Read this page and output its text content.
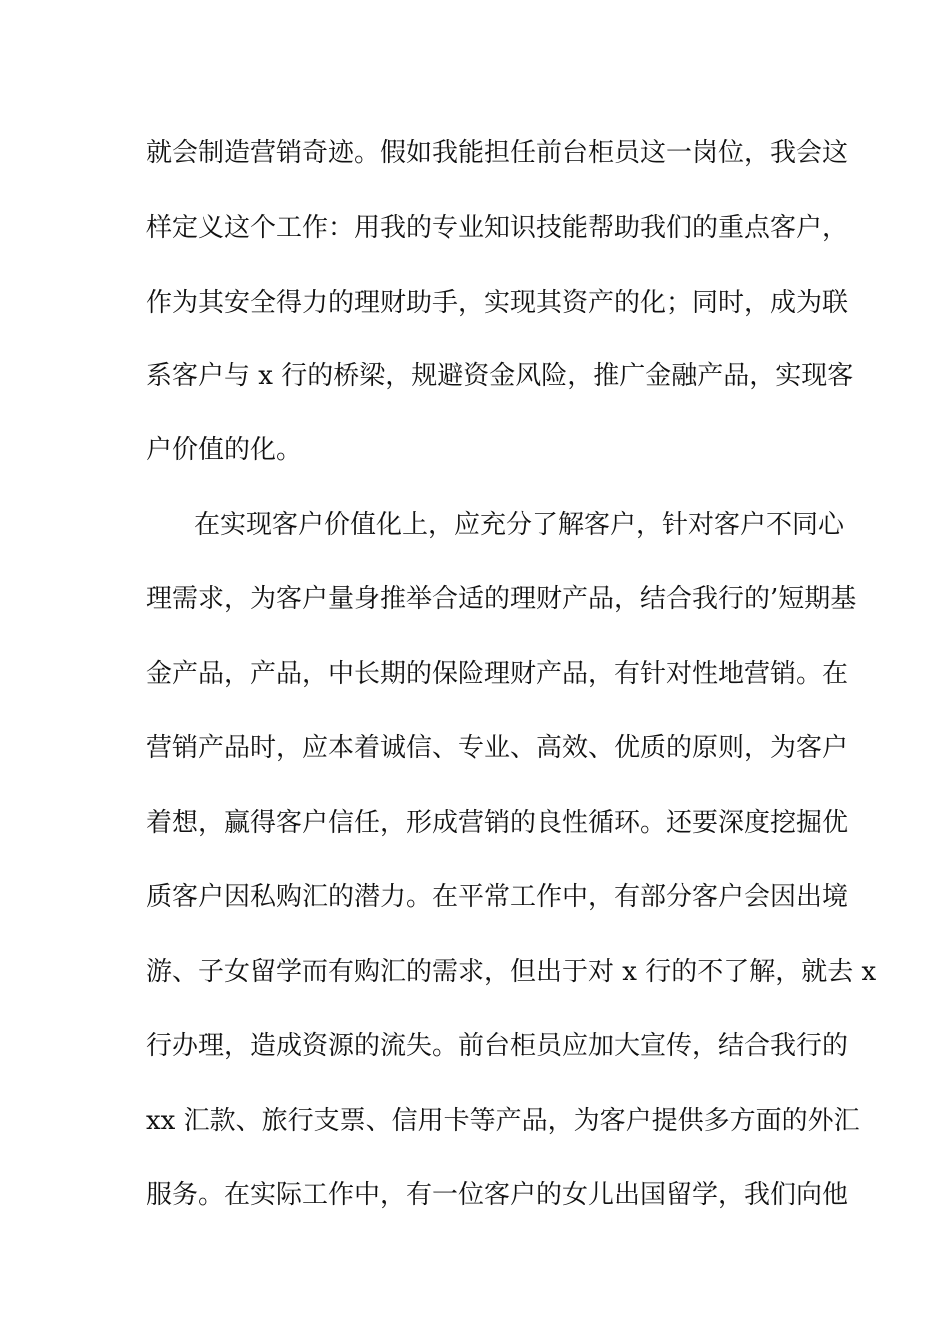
就会制造营销奇迹。假如我能担任前台柜员这一岗位，我会这
样定义这个工作：用我的专业知识技能帮助我们的重点客户，
作为其安全得力的理财助手，实现其资产的化；同时，成为联
系客户与 x 行的桥梁，规避资金风险，推广金融产品，实现客
户价值的化。
在实现客户价值化上，应充分了解客户，针对客户不同心
理需求，为客户量身推举合适的理财产品，结合我行的’短期基
金产品，产品，中长期的保险理财产品，有针对性地营销。在
营销产品时，应本着诚信、专业、高效、优质的原则，为客户
着想，赢得客户信任，形成营销的良性循环。还要深度挖掘优
质客户因私购汇的潜力。在平常工作中，有部分客户会因出境
游、子女留学而有购汇的需求，但出于对 x 行的不了解，就去 x
行办理，造成资源的流失。前台柜员应加大宣传，结合我行的
xx 汇款、旅行支票、信用卡等产品，为客户提供多方面的外汇
服务。在实际工作中，有一位客户的女儿出国留学，我们向他
